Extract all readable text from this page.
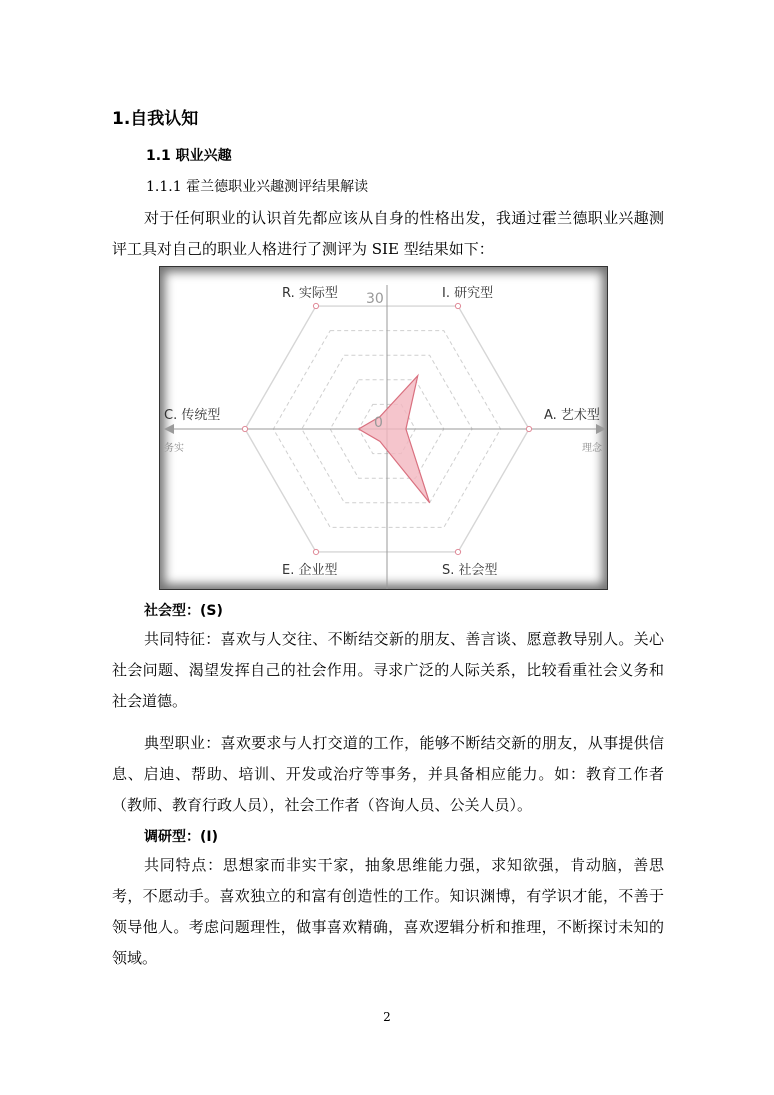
1.自我认知
1.1 职业兴趣
1.1.1 霍兰德职业兴趣测评结果解读

对于任何职业的认识首先都应该从自身的性格出发，我通过霍兰德职业兴趣测评工具对自己的职业人格进行了测评为 SIE 型结果如下：

30
0
R. 实际型	I. 研究型
A. 艺术型
S. 社会型
E. 企业型
C. 传统型
务实	理念
社会型：(S)

共同特征：喜欢与人交往、不断结交新的朋友、善言谈、愿意教导别人。关心社会问题、渴望发挥自己的社会作用。寻求广泛的人际关系，比较看重社会义务和社会道德。

典型职业：喜欢要求与人打交道的工作，能够不断结交新的朋友，从事提供信息、启迪、帮助、培训、开发或治疗等事务，并具备相应能力。如：教育工作者（教师、教育行政人员），社会工作者（咨询人员、公关人员）。

调研型：(I)

共同特点：思想家而非实干家，抽象思维能力强，求知欲强，肯动脑，善思考，不愿动手。喜欢独立的和富有创造性的工作。知识渊博，有学识才能，不善于领导他人。考虑问题理性，做事喜欢精确，喜欢逻辑分析和推理，不断探讨未知的领域。

2
